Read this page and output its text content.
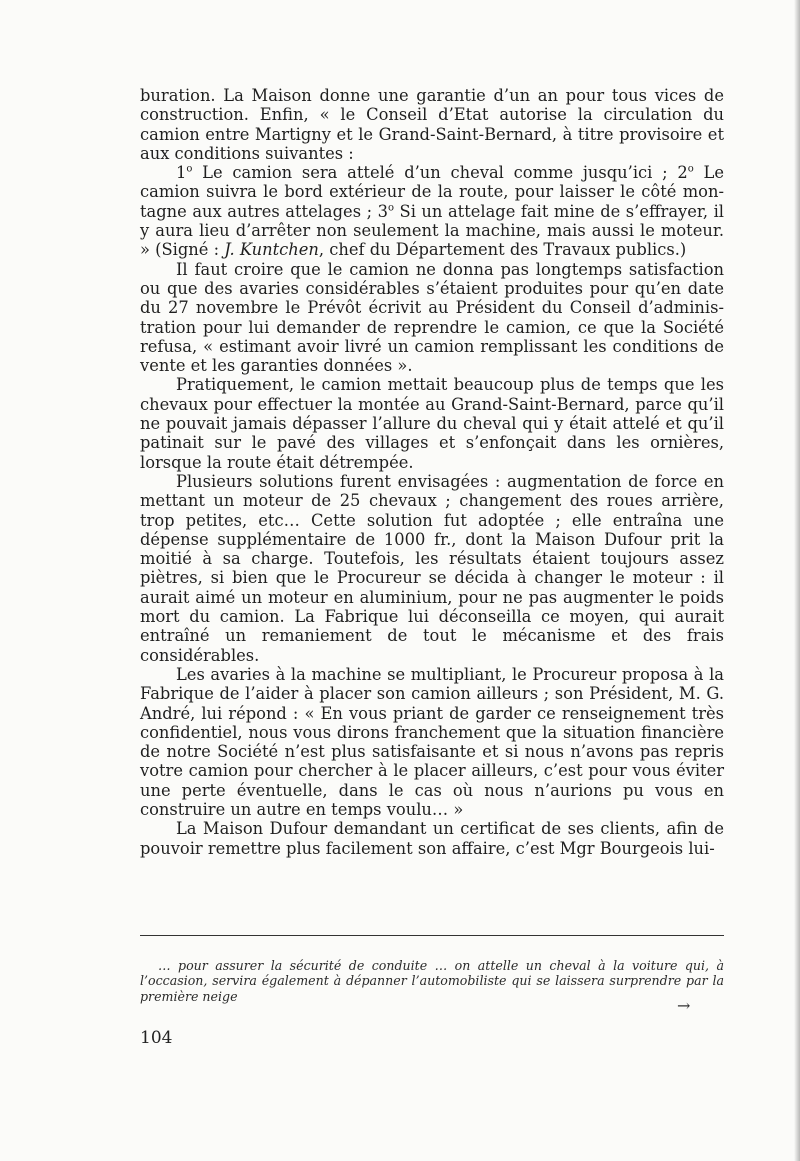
buration. La Maison donne une garantie d’un an pour tous vices de construction. Enfin, « le Conseil d’Etat autorise la circulation du camion entre Martigny et le Grand-Saint-Bernard, à titre provisoire et aux conditions suivantes :

1$^o$ Le camion sera attelé d’un cheval comme jusqu’ici ; 2$^o$ Le camion suivra le bord extérieur de la route, pour laisser le côté montagne aux autres attelages ; 3$^o$ Si un attelage fait mine de s’effrayer, il y aura lieu d’arrêter non seulement la machine, mais aussi le moteur. » (Signé : J. Kuntchen, chef du Département des Travaux publics.)

Il faut croire que le camion ne donna pas longtemps satisfaction ou que des avaries considérables s’étaient produites pour qu’en date du 27 novembre le Prévôt écrivit au Président du Conseil d’administration pour lui demander de reprendre le camion, ce que la Société refusa, « estimant avoir livré un camion remplissant les conditions de vente et les garanties données ».

Pratiquement, le camion mettait beaucoup plus de temps que les chevaux pour effectuer la montée au Grand-Saint-Bernard, parce qu’il ne pouvait jamais dépasser l’allure du cheval qui y était attelé et qu’il patinait sur le pavé des villages et s’enfonçait dans les ornières, lorsque la route était détrempée.

Plusieurs solutions furent envisagées : augmentation de force en mettant un moteur de 25 chevaux ; changement des roues arrière, trop petites, etc… Cette solution fut adoptée ; elle entraîna une dépense supplémentaire de 1000 fr., dont la Maison Dufour prit la moitié à sa charge. Toutefois, les résultats étaient toujours assez piètres, si bien que le Procureur se décida à changer le moteur : il aurait aimé un moteur en aluminium, pour ne pas augmenter le poids mort du camion. La Fabrique lui déconseilla ce moyen, qui aurait entraîné un remaniement de tout le mécanisme et des frais considérables.

Les avaries à la machine se multipliant, le Procureur proposa à la Fabrique de l’aider à placer son camion ailleurs ; son Président, M. G. André, lui répond : « En vous priant de garder ce renseignement très confidentiel, nous vous dirons franchement que la situation financière de notre Société n’est plus satisfaisante et si nous n’avons pas repris votre camion pour chercher à le placer ailleurs, c’est pour vous éviter une perte éventuelle, dans le cas où nous n’aurions pu vous en construire un autre en temps voulu… »

La Maison Dufour demandant un certificat de ses clients, afin de pouvoir remettre plus facilement son affaire, c’est Mgr Bourgeois lui-

… pour assurer la sécurité de conduite … on attelle un cheval à la voiture qui, à l’occasion, servira également à dépanner l’automobiliste qui se laissera surprendre par la première neige	→
104
